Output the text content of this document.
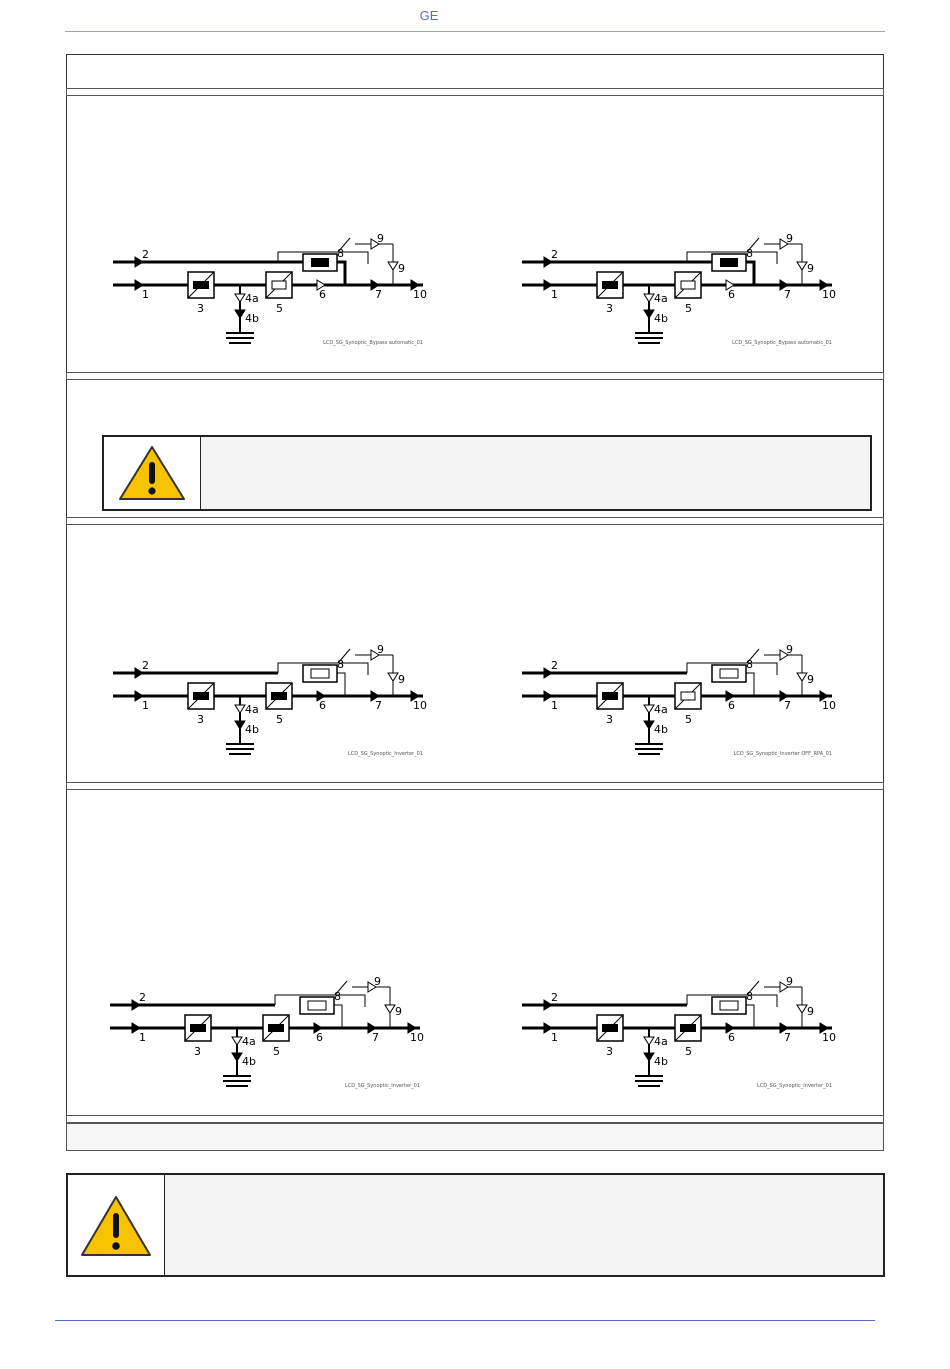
GE
2
1
3
4a
4b
5
8
9
9
6	7	10
LCD_SG_Synoptic_Bypass automatic_01
2
1
3
4a
4b
5
8
9
9
6	7	10
LCD_SG_Synoptic_Bypass automatic_01
2
1
3
4a
4b
5
8
9
9
6	7	10
LCD_SG_Synoptic_Inverter_01
2
1
3
4a
4b
5
8
9
9
6	7	10
LCD_SG_Synoptic_Inverter OFF_RPA_01
2
1
3
4a
4b
5
8
9
9
6	7	10
LCD_SG_Synoptic_Inverter_01
2
1
3
4a
4b
5
8
9
9
6	7	10
LCD_SG_Synoptic_Inverter_01
